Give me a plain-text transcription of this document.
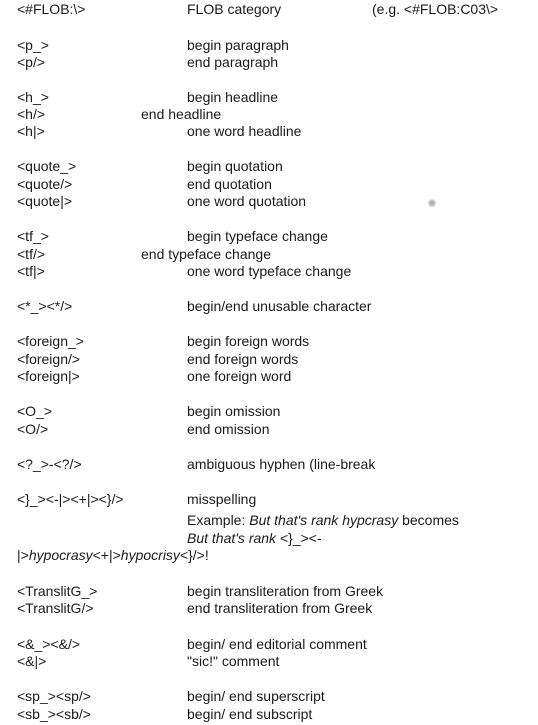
<#FLOB:\>	FLOB category	(e.g. <#FLOB:C03\>
<p_>	begin paragraph
<p/>	end paragraph
<h_>	begin headline
<h/>	end headline
<h|>	one word headline
<quote_>	begin quotation
<quote/>	end quotation
<quote|>	one word quotation
<tf_>	begin typeface change
<tf/>	end typeface change
<tf|>	one word typeface change
<*_><*/>	begin/end unusable character
<foreign_>	begin foreign words
<foreign/>	end foreign words
<foreign|>	one foreign word
<O_>	begin omission
<O/>	end omission
<?_>-<?/>	ambiguous hyphen (line-break
<}_><-|><+|><}/>	misspelling
Example: But that's rank hypcrasy becomes
But that's rank <}_><-
|>hypocrasy<+|>hypocrisy<}/>!
<TranslitG_>	begin transliteration from Greek
<TranslitG/>	end transliteration from Greek
<&_><&/>	begin/ end editorial comment
<&|>	"sic!" comment
<sp_><sp/>	begin/ end superscript
<sb_><sb/>	begin/ end subscript
